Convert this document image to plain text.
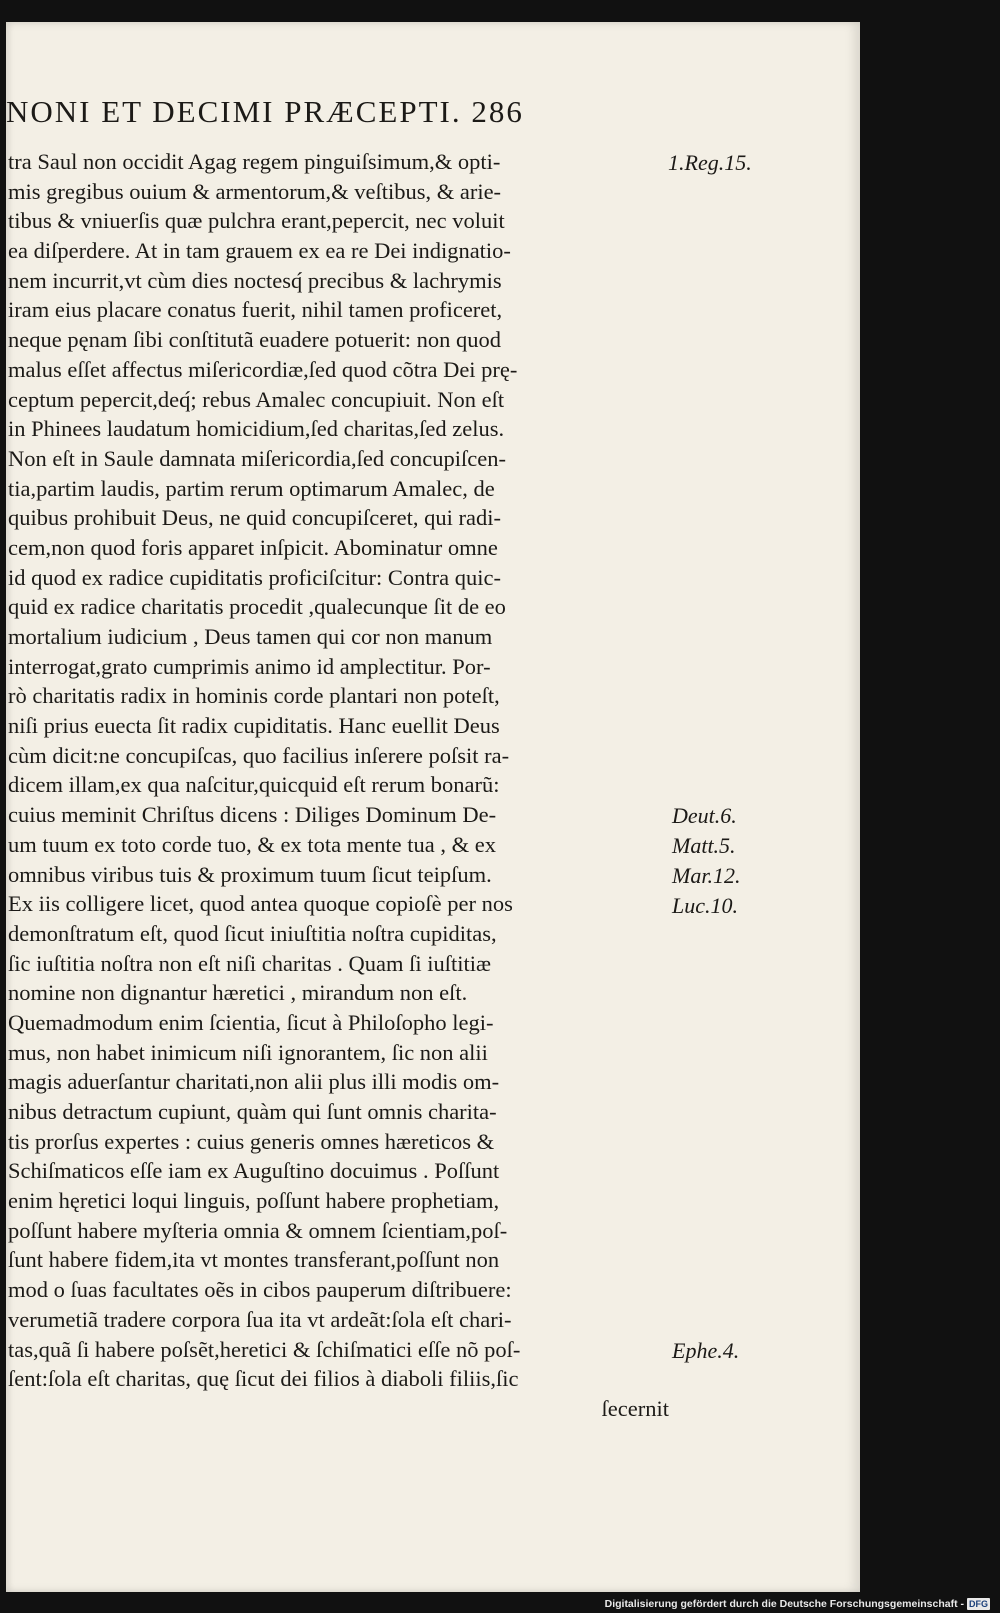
NONI ET DECIMI PRÆCEPTI. 286
tra Saul non occidit Agag regem pinguiſsimum,& opti-
mis gregibus ouium & armentorum,& veſtibus, & arie-
tibus & vniuerſis quæ pulchra erant,pepercit, nec voluit
ea diſperdere. At in tam grauem ex ea re Dei indignatio-
nem incurrit,vt cùm dies noctesq́ precibus & lachrymis
iram eius placare conatus fuerit, nihil tamen proficeret,
neque pęnam ſibi conſtitutã euadere potuerit: non quod
malus eſſet affectus miſericordiæ,ſed quod cõtra Dei prę-
ceptum pepercit,deq́; rebus Amalec concupiuit. Non eſt
in Phinees laudatum homicidium,ſed charitas,ſed zelus.
Non eſt in Saule damnata miſericordia,ſed concupiſcen-
tia,partim laudis, partim rerum optimarum Amalec, de
quibus prohibuit Deus, ne quid concupiſceret, qui radi-
cem,non quod foris apparet inſpicit. Abominatur omne
id quod ex radice cupiditatis proficiſcitur: Contra quic-
quid ex radice charitatis procedit ,qualecunque ſit de eo
mortalium iudicium , Deus tamen qui cor non manum
interrogat,grato cumprimis animo id amplectitur. Por-
rò charitatis radix in hominis corde plantari non poteſt,
niſi prius euecta ſit radix cupiditatis. Hanc euellit Deus
cùm dicit:ne concupiſcas, quo facilius inſerere poſsit ra-
dicem illam,ex qua naſcitur,quicquid eſt rerum bonarũ:
cuius meminit Chriſtus dicens : Diliges Dominum De-
um tuum ex toto corde tuo, & ex tota mente tua , & ex
omnibus viribus tuis & proximum tuum ſicut teipſum.
Ex iis colligere licet, quod antea quoque copioſè per nos
demonſtratum eſt, quod ſicut iniuſtitia noſtra cupiditas,
ſic iuſtitia noſtra non eſt niſi charitas . Quam ſi iuſtitiæ
nomine non dignantur hæretici , mirandum non eſt.
Quemadmodum enim ſcientia, ſicut à Philoſopho legi-
mus, non habet inimicum niſi ignorantem, ſic non alii
magis aduerſantur charitati,non alii plus illi modis om-
nibus detractum cupiunt, quàm qui ſunt omnis charita-
tis prorſus expertes : cuius generis omnes hæreticos &
Schiſmaticos eſſe iam ex Auguſtino docuimus . Poſſunt
enim hęretici loqui linguis, poſſunt habere prophetiam,
poſſunt habere myſteria omnia & omnem ſcientiam,poſ-
ſunt habere fidem,ita vt montes transferant,poſſunt non
mod o ſuas facultates oẽs in cibos pauperum diſtribuere:
verumetiã tradere corpora ſua ita vt ardeãt:ſola eſt chari-
tas,quã ſi habere poſsẽt,heretici & ſchiſmatici eſſe nõ poſ-
ſent:ſola eſt charitas, quę ſicut dei filios à diaboli filiis,ſic
ſecernit
1.Reg.15.
Deut.6.
Matt.5.
Mar.12.
Luc.10.
Ephe.4.
Digitalisierung gefördert durch die Deutsche Forschungsgemeinschaft - DFG
